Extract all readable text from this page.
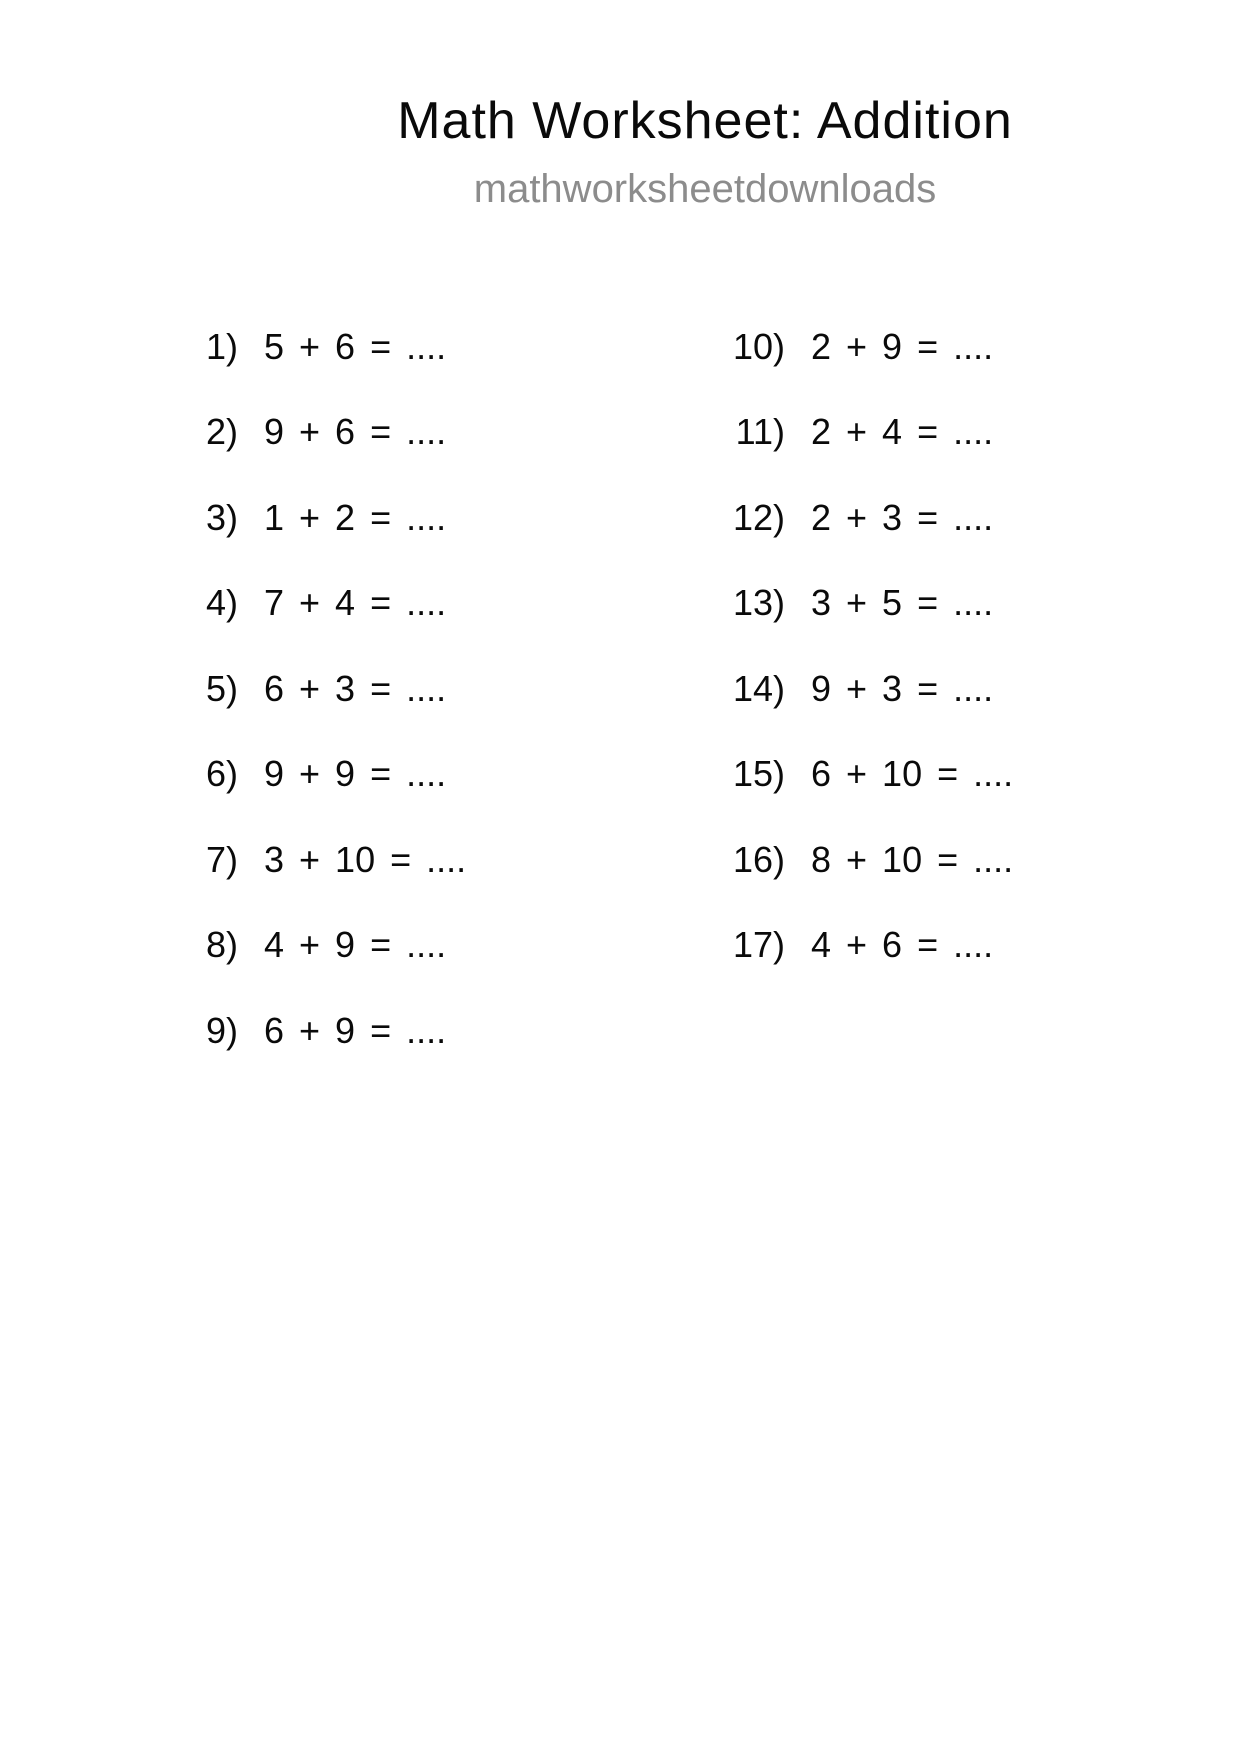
Math Worksheet: Addition
mathworksheetdownloads
1) 5 + 6 = ....
2) 9 + 6 = ....
3) 1 + 2 = ....
4) 7 + 4 = ....
5) 6 + 3 = ....
6) 9 + 9 = ....
7) 3 + 10 = ....
8) 4 + 9 = ....
9) 6 + 9 = ....
10) 2 + 9 = ....
11) 2 + 4 = ....
12) 2 + 3 = ....
13) 3 + 5 = ....
14) 9 + 3 = ....
15) 6 + 10 = ....
16) 8 + 10 = ....
17) 4 + 6 = ....
